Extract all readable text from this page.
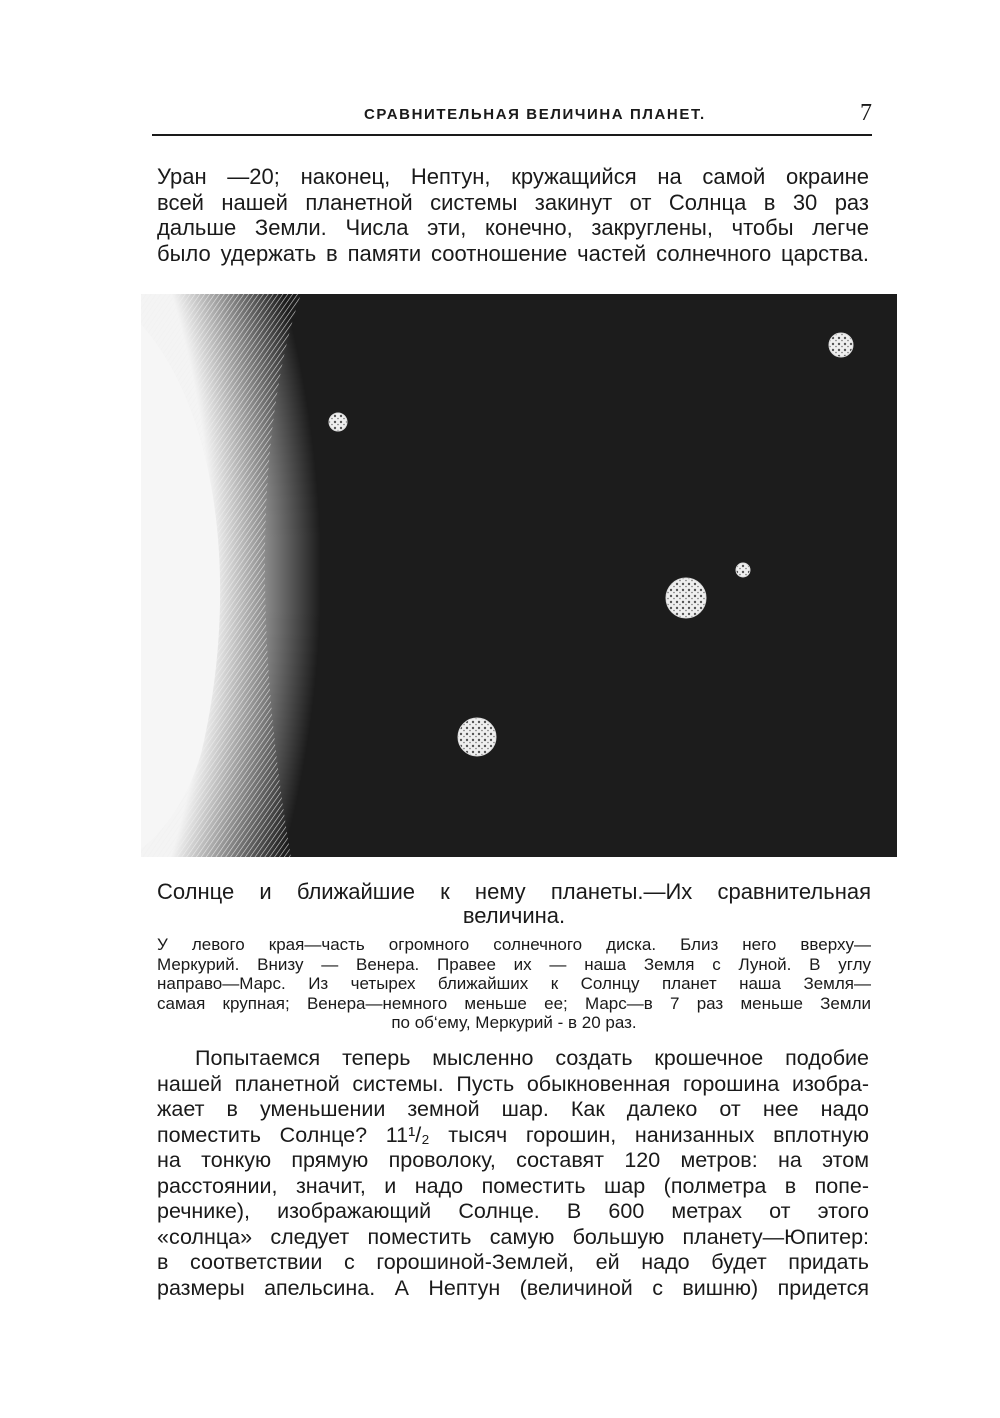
СРАВНИТЕЛЬНАЯ ВЕЛИЧИНА ПЛАНЕТ.	7

Уран —20; наконец, Нептун, кружащийся на самой окраине
всей нашей планетной системы закинут от Солнца в 30 раз
дальше Земли. Числа эти, конечно, закруглены, чтобы легче
было удержать в памяти соотношение частей солнечного царства.

Солнце и ближайшие к нему планеты.—Их сравнительная
величина.
У левого края—часть огромного солнечного диска. Близ него вверху—
Меркурий. Внизу — Венера. Правее их — наша Земля с Луной. В углу
направо—Марс. Из четырех ближайших к Солнцу планет наша Земля—
самая крупная; Венера—немного меньше ее; Марс—в 7 раз меньше Земли
по об‘ему, Меркурий - в 20 раз.

Попытаемся теперь мысленно создать крошечное подобие
нашей планетной системы. Пусть обыкновенная горошина изобра-
жает в уменьшении земной шар. Как далеко от нее надо
поместить Солнце? 11¹/₂ тысяч горошин, нанизанных вплотную
на тонкую прямую проволоку, составят 120 метров: на этом
расстоянии, значит, и надо поместить шар (полметра в попе-
речнике), изображающий Солнце. В 600 метрах от этого
«солнца» следует поместить самую большую планету—Юпитер:
в соответствии с горошиной-Землей, ей надо будет придать
размеры апельсина. А Нептун (величиной с вишню) придется
